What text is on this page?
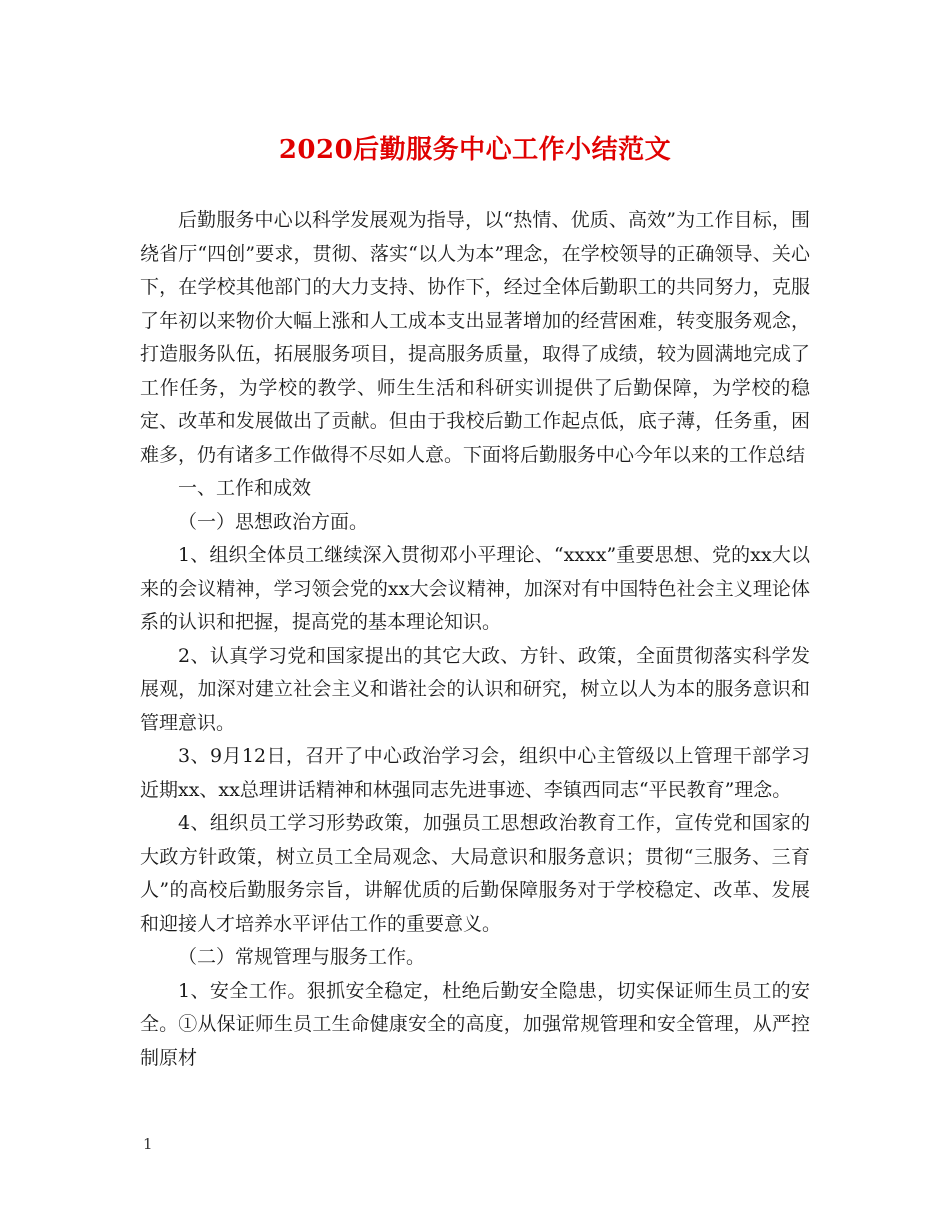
2020后勤服务中心工作小结范文

后勤服务中心以科学发展观为指导，以“热情、优质、高效”为工作目标，围绕省厅“四创”要求，贯彻、落实“以人为本”理念，在学校领导的正确领导、关心下，在学校其他部门的大力支持、协作下，经过全体后勤职工的共同努力，克服了年初以来物价大幅上涨和人工成本支出显著增加的经营困难，转变服务观念，打造服务队伍，拓展服务项目，提高服务质量，取得了成绩，较为圆满地完成了工作任务，为学校的教学、师生生活和科研实训提供了后勤保障，为学校的稳定、改革和发展做出了贡献。但由于我校后勤工作起点低，底子薄，任务重，困难多，仍有诸多工作做得不尽如人意。下面将后勤服务中心今年以来的工作总结

一、工作和成效

（一）思想政治方面。

1、组织全体员工继续深入贯彻邓小平理论、“xxxx”重要思想、党的xx大以来的会议精神，学习领会党的xx大会议精神，加深对有中国特色社会主义理论体系的认识和把握，提高党的基本理论知识。

2、认真学习党和国家提出的其它大政、方针、政策，全面贯彻落实科学发展观，加深对建立社会主义和谐社会的认识和研究，树立以人为本的服务意识和管理意识。

3、9月12日，召开了中心政治学习会，组织中心主管级以上管理干部学习近期xx、xx总理讲话精神和林强同志先进事迹、李镇西同志“平民教育”理念。

4、组织员工学习形势政策，加强员工思想政治教育工作，宣传党和国家的大政方针政策，树立员工全局观念、大局意识和服务意识；贯彻“三服务、三育人”的高校后勤服务宗旨，讲解优质的后勤保障服务对于学校稳定、改革、发展和迎接人才培养水平评估工作的重要意义。

（二）常规管理与服务工作。

1、安全工作。狠抓安全稳定，杜绝后勤安全隐患，切实保证师生员工的安全。①从保证师生员工生命健康安全的高度，加强常规管理和安全管理，从严控制原材

1
